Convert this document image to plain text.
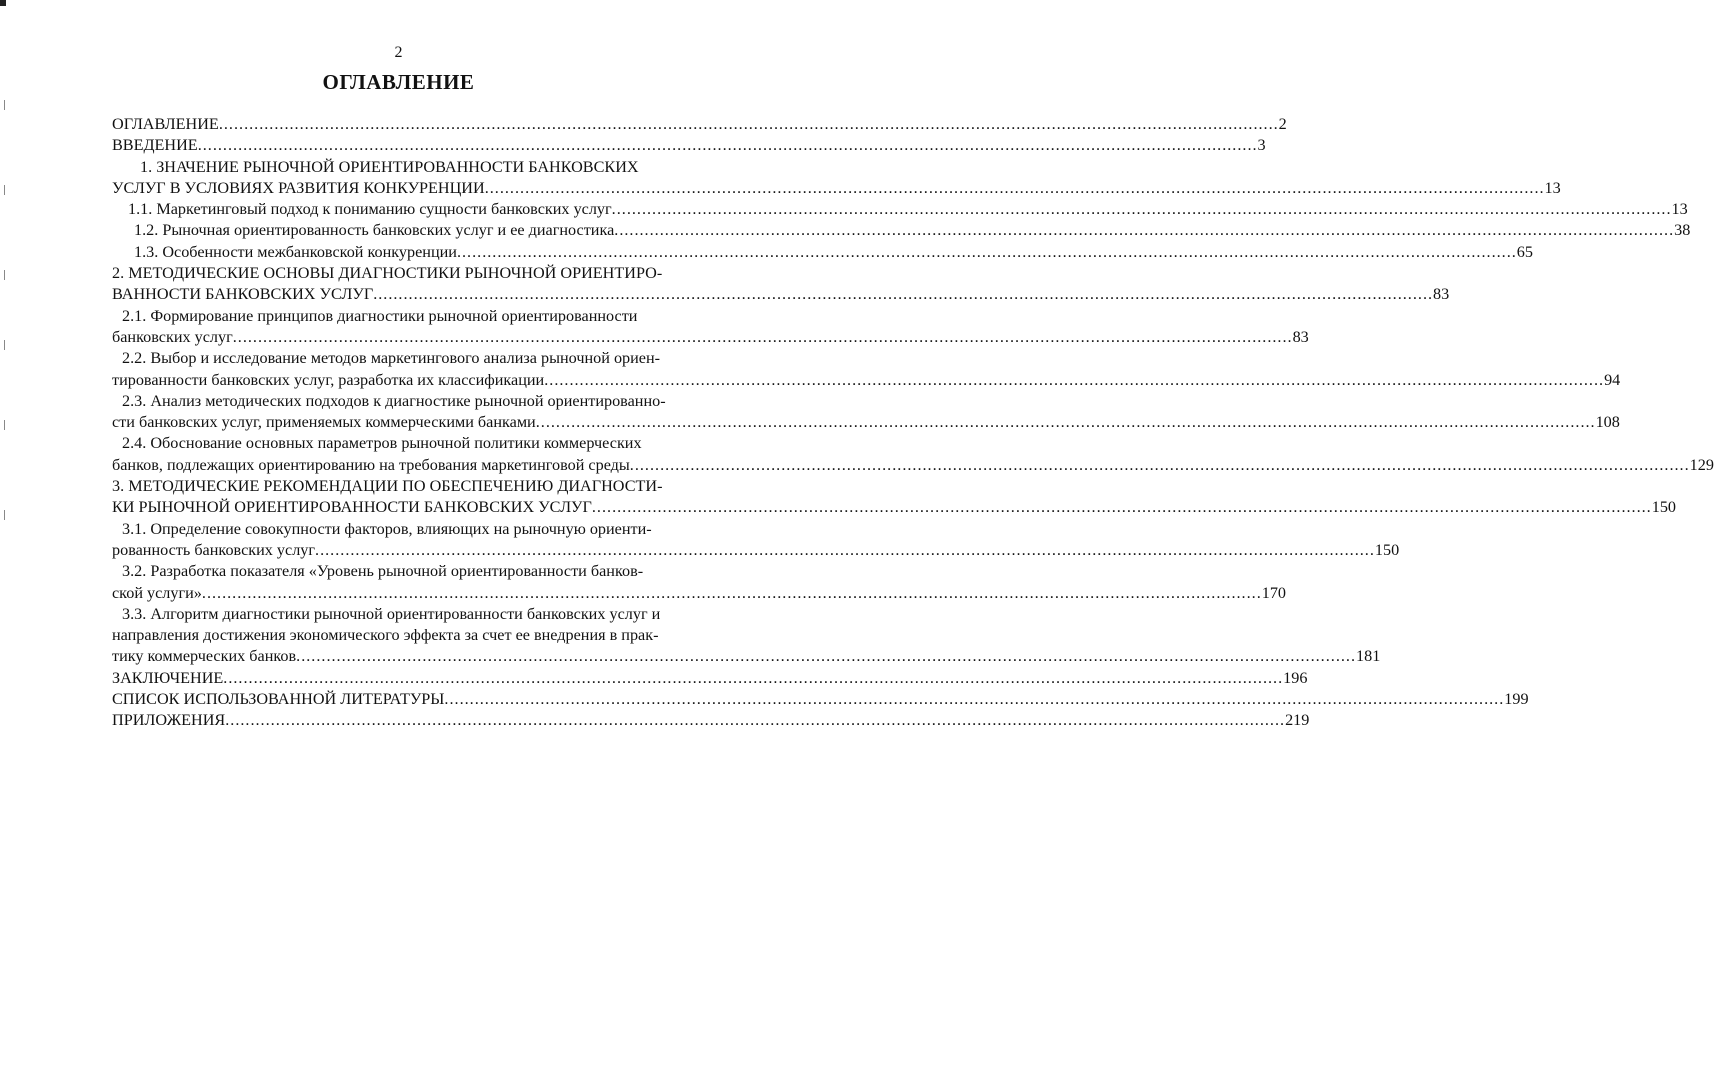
2
ОГЛАВЛЕНИЕ
ОГЛАВЛЕНИЕ .....	2
ВВЕДЕНИЕ .....	3
1. ЗНАЧЕНИЕ РЫНОЧНОЙ ОРИЕНТИРОВАННОСТИ БАНКОВСКИХ
УСЛУГ В УСЛОВИЯХ РАЗВИТИЯ КОНКУРЕНЦИИ .....	13
1.1. Маркетинговый подход к пониманию сущности банковских услуг .....	13
1.2. Рыночная ориентированность банковских услуг и ее диагностика .....	38
1.3. Особенности межбанковской конкуренции .....	65
2. МЕТОДИЧЕСКИЕ ОСНОВЫ ДИАГНОСТИКИ РЫНОЧНОЙ ОРИЕНТИРО-
ВАННОСТИ БАНКОВСКИХ УСЛУГ .....	83
2.1. Формирование принципов диагностики рыночной ориентированности
банковских услуг .....	83
2.2. Выбор и исследование методов маркетингового анализа рыночной ориен-
тированности банковских услуг, разработка их классификации .....	94
2.3. Анализ методических подходов к диагностике рыночной ориентированно-
сти банковских услуг, применяемых коммерческими банками .....	108
2.4. Обоснование основных параметров рыночной политики коммерческих
банков, подлежащих ориентированию на требования маркетинговой среды .....	129
3. МЕТОДИЧЕСКИЕ РЕКОМЕНДАЦИИ ПО ОБЕСПЕЧЕНИЮ ДИАГНОСТИ-
КИ РЫНОЧНОЙ ОРИЕНТИРОВАННОСТИ БАНКОВСКИХ УСЛУГ .....	150
3.1. Определение совокупности факторов, влияющих на рыночную ориенти-
рованность банковских услуг .....	150
3.2. Разработка показателя «Уровень рыночной ориентированности банков-
ской услуги» .....	170
3.3. Алгоритм диагностики рыночной ориентированности банковских услуг и
направления достижения экономического эффекта за счет ее внедрения в прак-
тику коммерческих банков .....	181
ЗАКЛЮЧЕНИЕ .....	196
СПИСОК ИСПОЛЬЗОВАННОЙ ЛИТЕРАТУРЫ .....	199
ПРИЛОЖЕНИЯ .....	219
